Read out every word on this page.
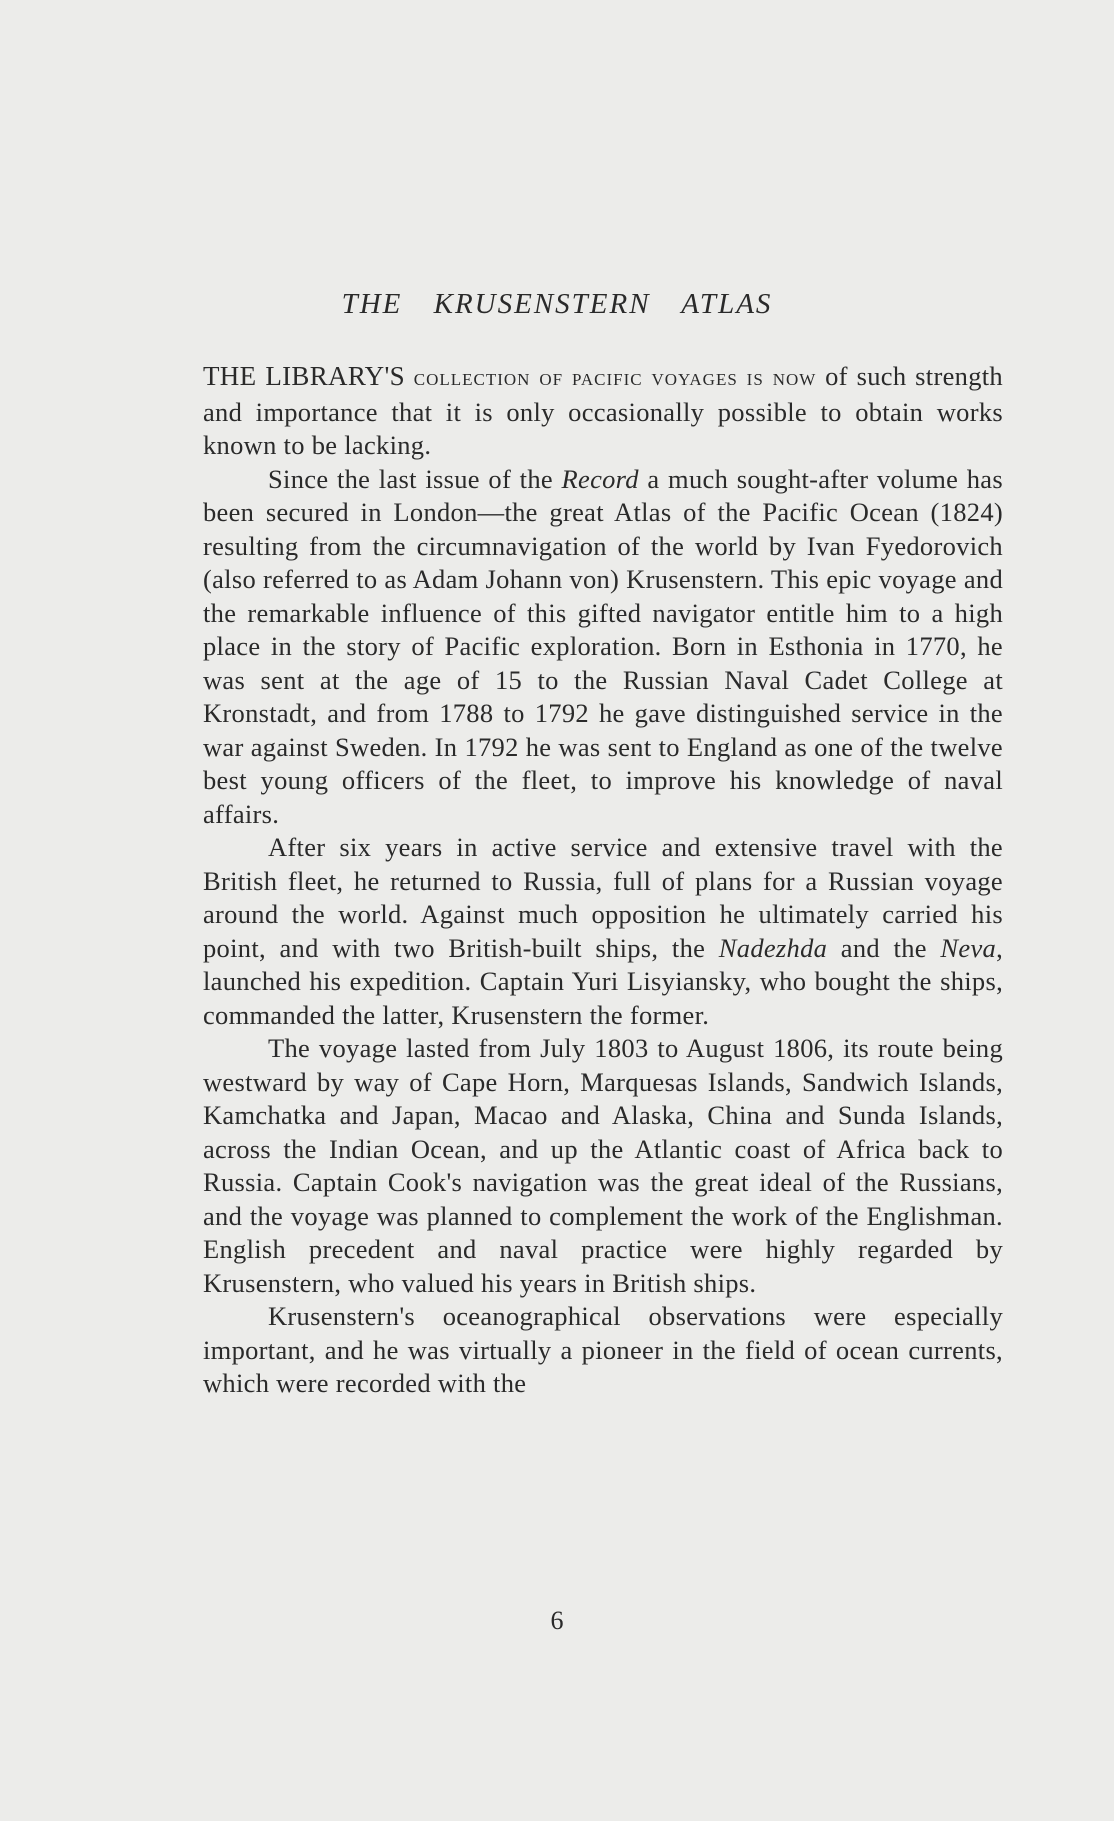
THE KRUSENSTERN ATLAS

THE LIBRARY'S collection of pacific voyages is now of such strength and importance that it is only occasionally possible to obtain works known to be lacking.

Since the last issue of the Record a much sought-after volume has been secured in London—the great Atlas of the Pacific Ocean (1824) resulting from the circumnavigation of the world by Ivan Fyedorovich (also referred to as Adam Johann von) Krusenstern. This epic voyage and the remarkable influence of this gifted navigator entitle him to a high place in the story of Pacific exploration. Born in Esthonia in 1770, he was sent at the age of 15 to the Russian Naval Cadet College at Kronstadt, and from 1788 to 1792 he gave distinguished service in the war against Sweden. In 1792 he was sent to England as one of the twelve best young officers of the fleet, to improve his knowledge of naval affairs.

After six years in active service and extensive travel with the British fleet, he returned to Russia, full of plans for a Russian voyage around the world. Against much opposition he ultimately carried his point, and with two British-built ships, the Nadezhda and the Neva, launched his expedition. Captain Yuri Lisyiansky, who bought the ships, commanded the latter, Krusenstern the former.

The voyage lasted from July 1803 to August 1806, its route being westward by way of Cape Horn, Marquesas Islands, Sandwich Islands, Kamchatka and Japan, Macao and Alaska, China and Sunda Islands, across the Indian Ocean, and up the Atlantic coast of Africa back to Russia. Captain Cook's navigation was the great ideal of the Russians, and the voyage was planned to complement the work of the Englishman. English precedent and naval practice were highly regarded by Krusenstern, who valued his years in British ships.

Krusenstern's oceanographical observations were especially important, and he was virtually a pioneer in the field of ocean currents, which were recorded with the

6
